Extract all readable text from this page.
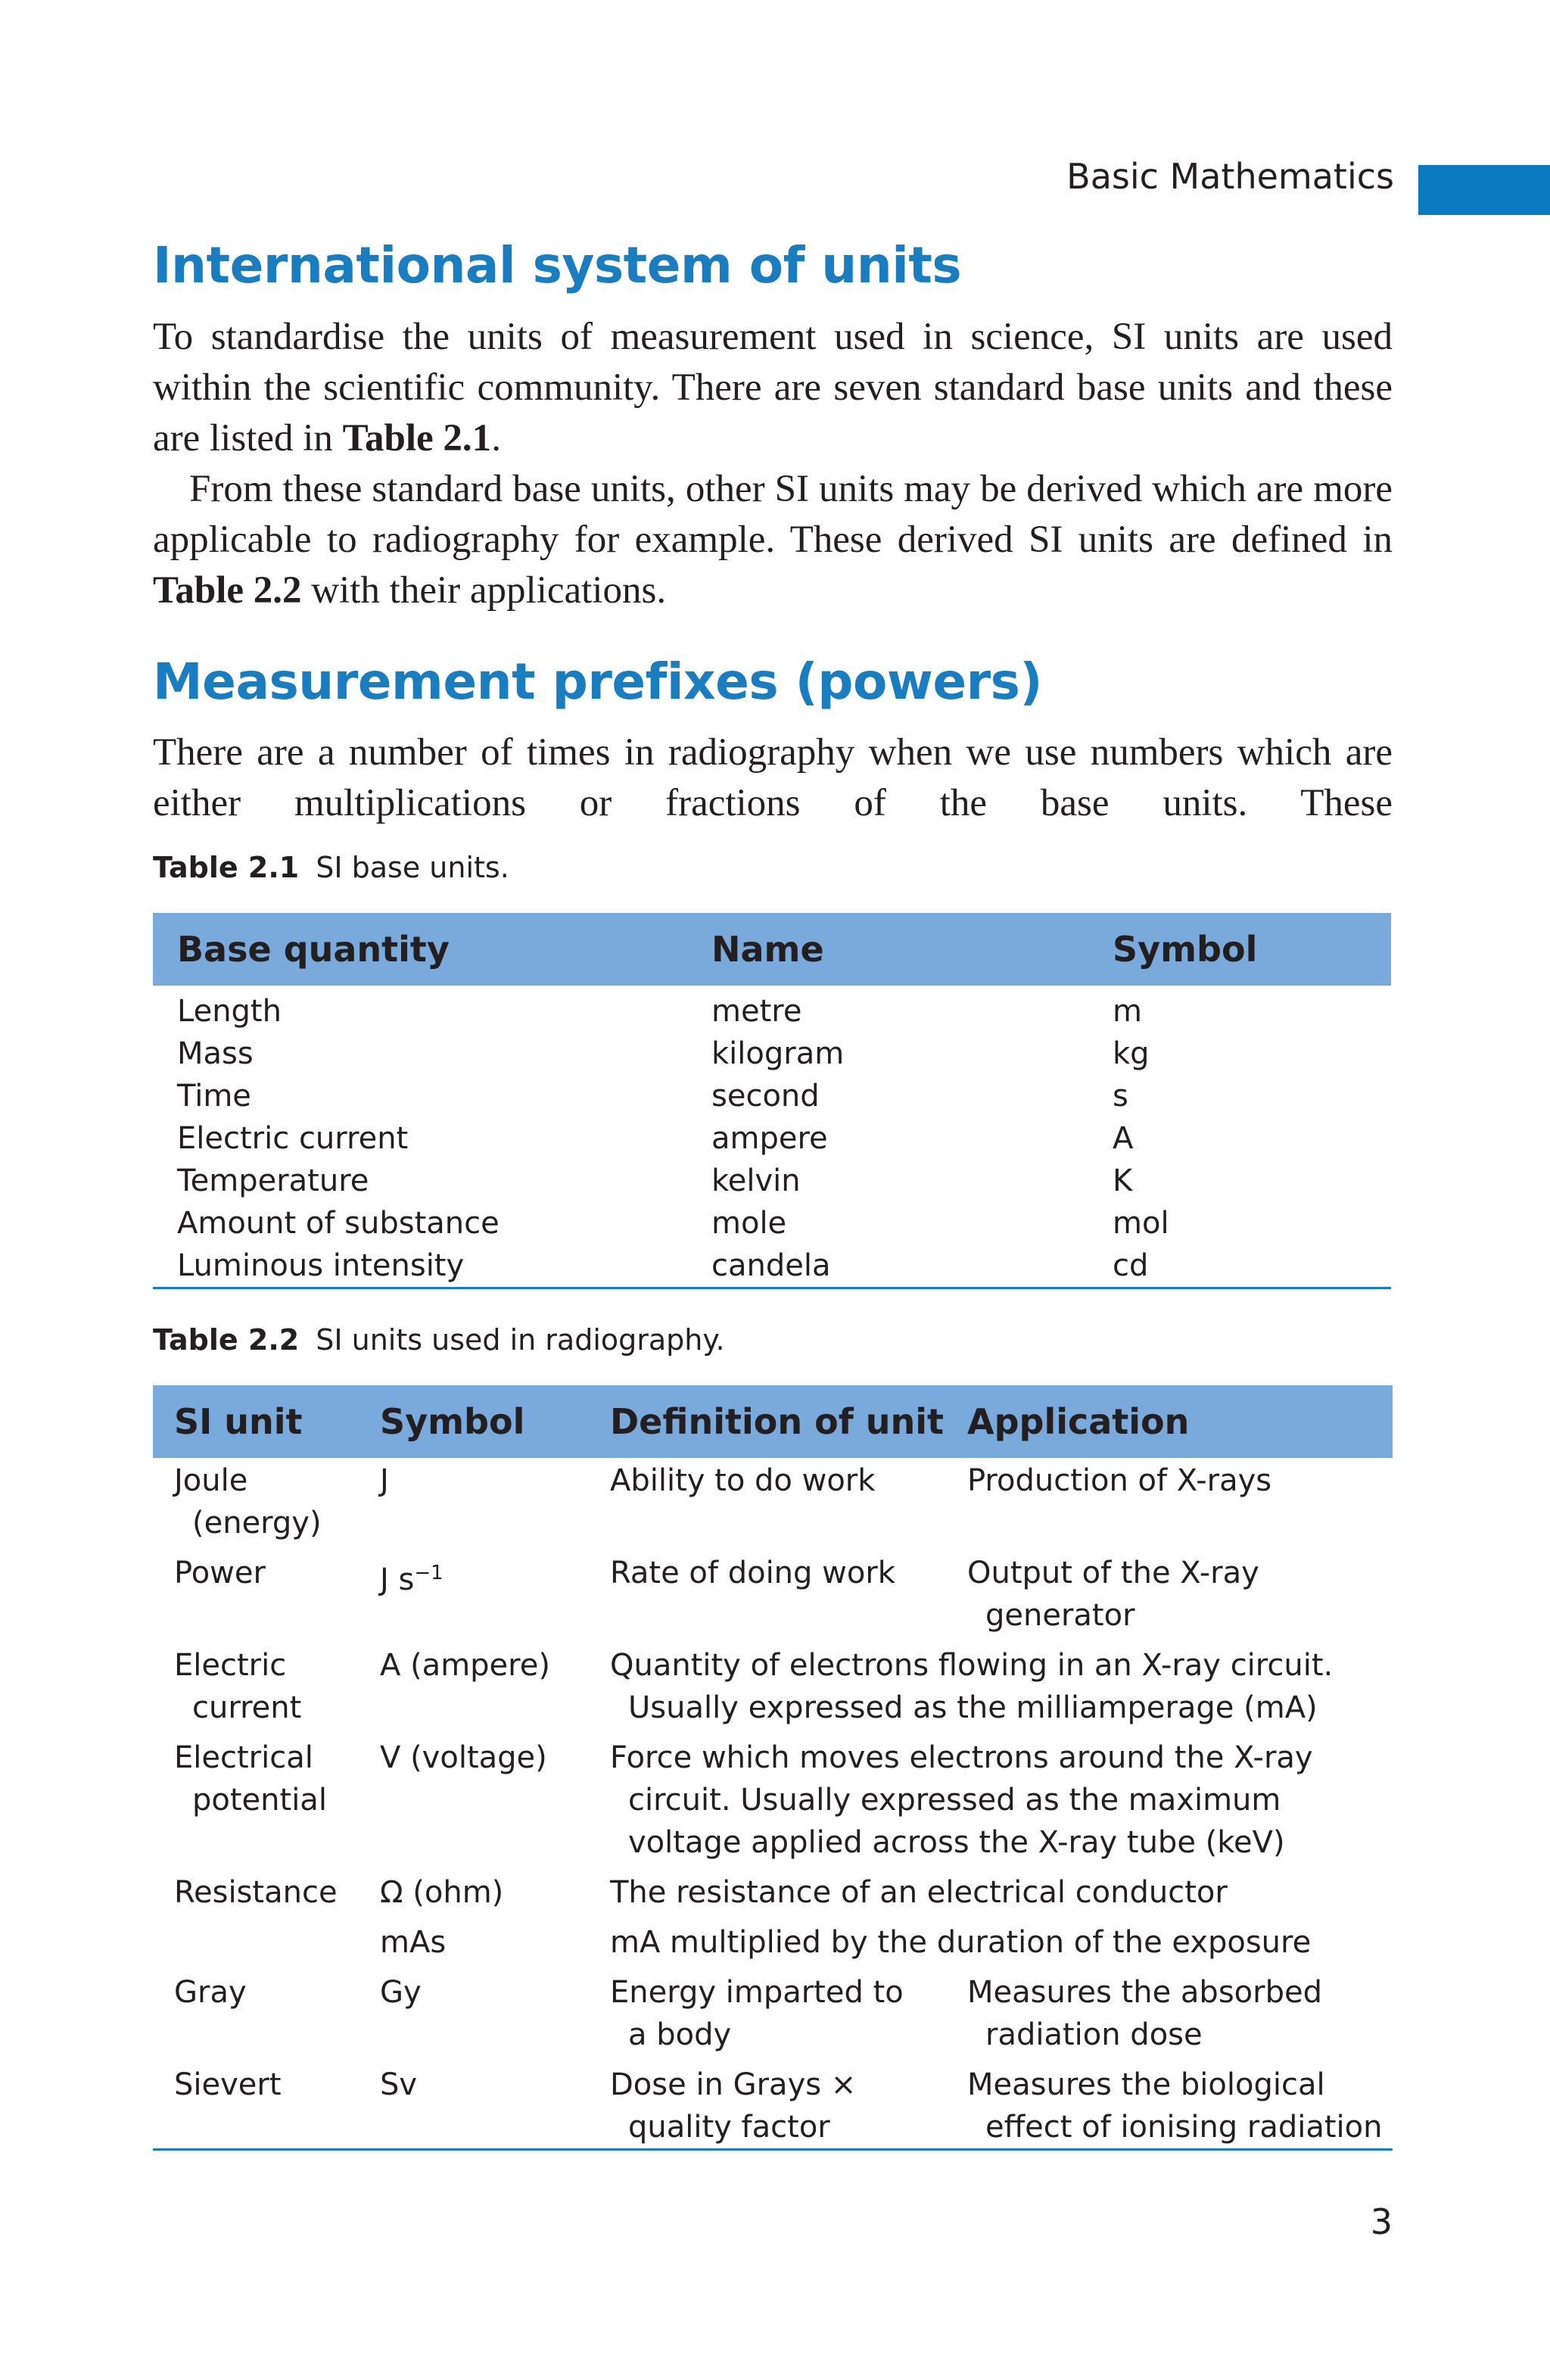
Basic Mathematics
International system of units

To standardise the units of measurement used in science, SI units are used within the scientific community. There are seven standard base units and these are listed in Table 2.1.

From these standard base units, other SI units may be derived which are more applicable to radiography for example. These derived SI units are defined in Table 2.2 with their applications.

Measurement prefixes (powers)

There are a number of times in radiography when we use numbers which are either multiplications or fractions of the base units. These

Table 2.1 SI base units.
Base quantity	Name	Symbol
Length	metre	m
Mass	kilogram	kg
Time	second	s
Electric current	ampere	A
Temperature	kelvin	K
Amount of substance	mole	mol
Luminous intensity	candela	cd
Table 2.2 SI units used in radiography.
SI unit	Symbol	Definition of unit	Application

Joule (energy)	J	Ability to do work	Production of X-rays

Power	J $s^{-1}$	Rate of doing work	Output of the X-ray generator

Electric current	A (ampere)	Quantity of electrons flowing in an X-ray circuit. Usually expressed as the milliamperage (mA)	

Electrical potential	V (voltage)	Force which moves electrons around the X-ray circuit. Usually expressed as the maximum voltage applied across the X-ray tube (keV)	

Resistance	Ω (ohm)	The resistance of an electrical conductor	

	mAs	mA multiplied by the duration of the exposure	

Gray	Gy	Energy imparted to a body	Measures the absorbed radiation dose

Sievert	Sv	Dose in Grays × quality factor	Measures the biological effect of ionising radiation
3
